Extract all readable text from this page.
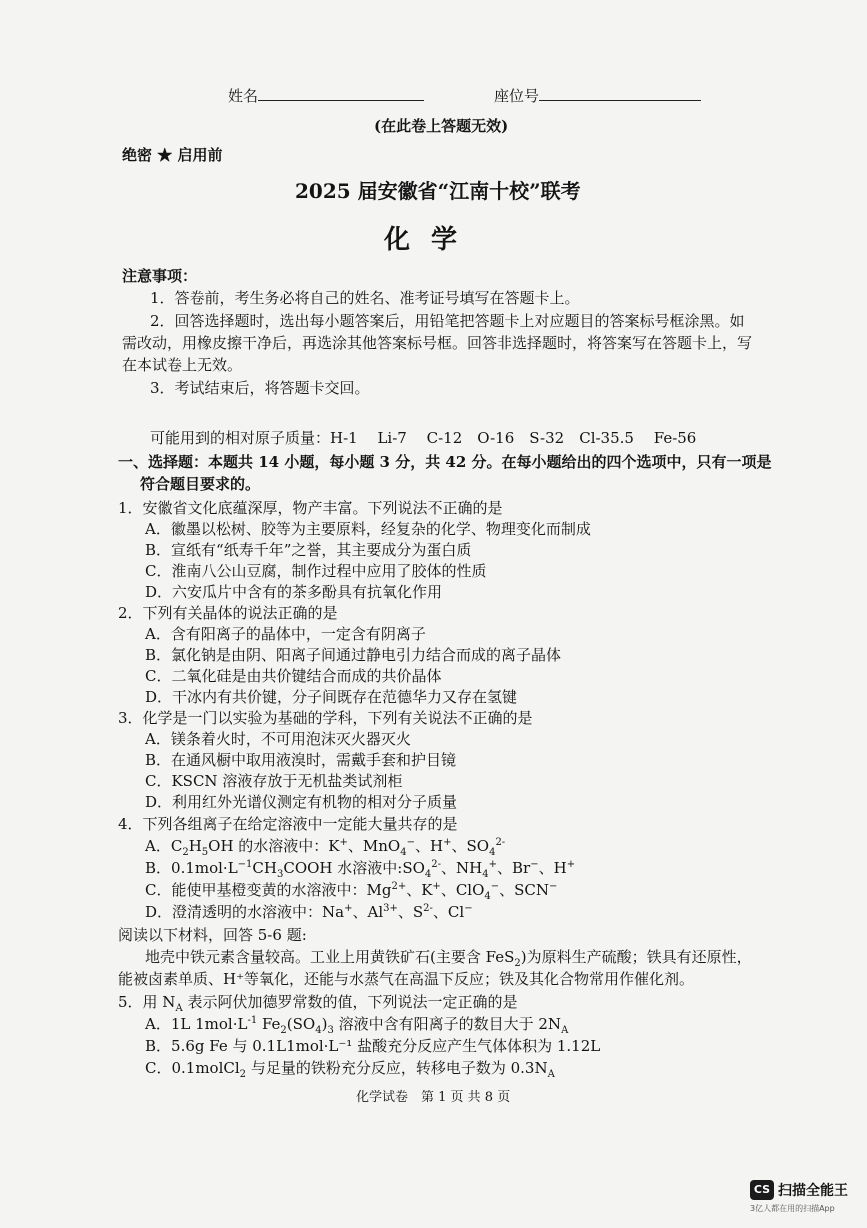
姓名	座位号
(在此卷上答题无效)
绝密 ★ 启用前
2025 届安徽省“江南十校”联考
化 学
注意事项：
1．答卷前，考生务必将自己的姓名、准考证号填写在答题卡上。
2．回答选择题时，选出每小题答案后，用铅笔把答题卡上对应题目的答案标号框涂黑。如
需改动，用橡皮擦干净后，再选涂其他答案标号框。回答非选择题时，将答案写在答题卡上，写
在本试卷上无效。
3．考试结束后，将答题卡交回。
可能用到的相对原子质量：H-1　 Li-7　 C-12　O-16　S-32　Cl-35.5　 Fe-56
一、选择题：本题共 14 小题，每小题 3 分，共 42 分。在每小题给出的四个选项中，只有一项是
符合题目要求的。
1．安徽省文化底蕴深厚，物产丰富。下列说法不正确的是
A．徽墨以松树、胶等为主要原料，经复杂的化学、物理变化而制成
B．宣纸有“纸寿千年”之誉，其主要成分为蛋白质
C．淮南八公山豆腐，制作过程中应用了胶体的性质
D．六安瓜片中含有的茶多酚具有抗氧化作用
2．下列有关晶体的说法正确的是
A．含有阳离子的晶体中，一定含有阴离子
B．氯化钠是由阴、阳离子间通过静电引力结合而成的离子晶体
C．二氧化硅是由共价键结合而成的共价晶体
D．干冰内有共价键，分子间既存在范德华力又存在氢键
3．化学是一门以实验为基础的学科，下列有关说法不正确的是
A．镁条着火时，不可用泡沫灭火器灭火
B．在通风橱中取用液溴时，需戴手套和护目镜
C．KSCN 溶液存放于无机盐类试剂柜
D．利用红外光谱仪测定有机物的相对分子质量
4．下列各组离子在给定溶液中一定能大量共存的是
A．$C_2H_5OH$ 的水溶液中：K+、MnO$_4$−、H+、$SO_4^{2-}$
B．$0.1mol\cdot L^{-1}CH_3COOH$ 水溶液中$:SO_4^{2-}$、$NH_4^+$、Br−、H+
C．能使甲基橙变黄的水溶液中：$Mg^{2+}$、K+、ClO$_4$−、SCN−
D．澄清透明的水溶液中：Na+、$Al^{3+}$、$S^{2-}$、Cl−
阅读以下材料，回答 5-6 题:
地壳中铁元素含量较高。工业上用黄铁矿石(主要含 FeS$_2$)为原料生产硫酸；铁具有还原性，
能被卤素单质、H⁺等氧化，还能与水蒸气在高温下反应；铁及其化合物常用作催化剂。
5．用 $N_A$ 表示阿伏加德罗常数的值，下列说法一定正确的是
A．1L $1mol\cdot L^{-1}$ $Fe_2(SO_4)_3$ 溶液中含有阳离子的数目大于 $2N_A$
B．5.6g Fe 与 0.1L1mol·L⁻¹ 盐酸充分反应产生气体体积为 1.12L
C．0.1molCl$_2$ 与足量的铁粉充分反应，转移电子数为 $0.3N_A$
化学试卷　第 1 页 共 8 页
CS 扫描全能王
3亿人都在用的扫描App
